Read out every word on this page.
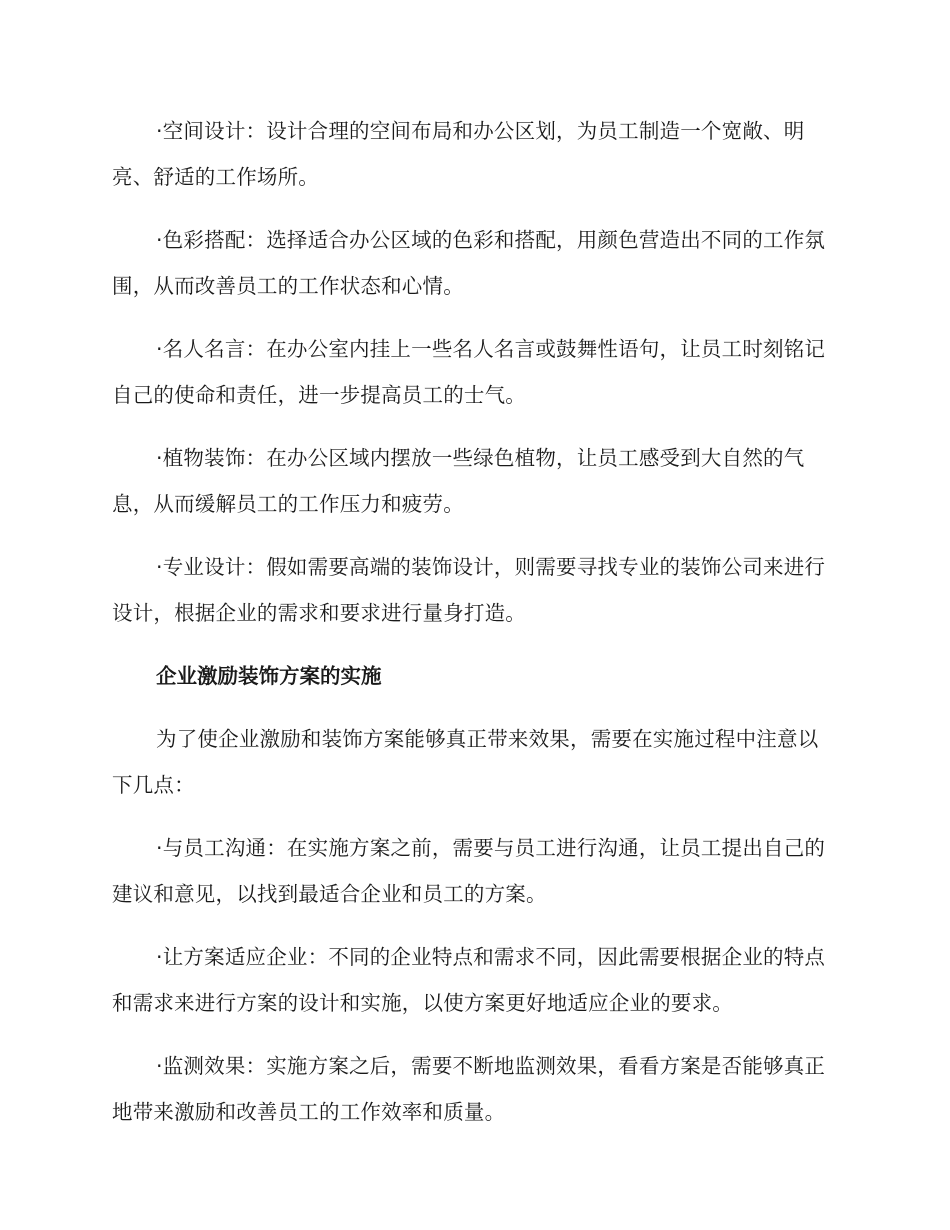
·空间设计：设计合理的空间布局和办公区划，为员工制造一个宽敞、明亮、舒适的工作场所。

·色彩搭配：选择适合办公区域的色彩和搭配，用颜色营造出不同的工作氛围，从而改善员工的工作状态和心情。

·名人名言：在办公室内挂上一些名人名言或鼓舞性语句，让员工时刻铭记自己的使命和责任，进一步提高员工的士气。

·植物装饰：在办公区域内摆放一些绿色植物，让员工感受到大自然的气息，从而缓解员工的工作压力和疲劳。

·专业设计：假如需要高端的装饰设计，则需要寻找专业的装饰公司来进行设计，根据企业的需求和要求进行量身打造。

企业激励装饰方案的实施

为了使企业激励和装饰方案能够真正带来效果，需要在实施过程中注意以下几点：

·与员工沟通：在实施方案之前，需要与员工进行沟通，让员工提出自己的建议和意见，以找到最适合企业和员工的方案。

·让方案适应企业：不同的企业特点和需求不同，因此需要根据企业的特点和需求来进行方案的设计和实施，以使方案更好地适应企业的要求。

·监测效果：实施方案之后，需要不断地监测效果，看看方案是否能够真正地带来激励和改善员工的工作效率和质量。
